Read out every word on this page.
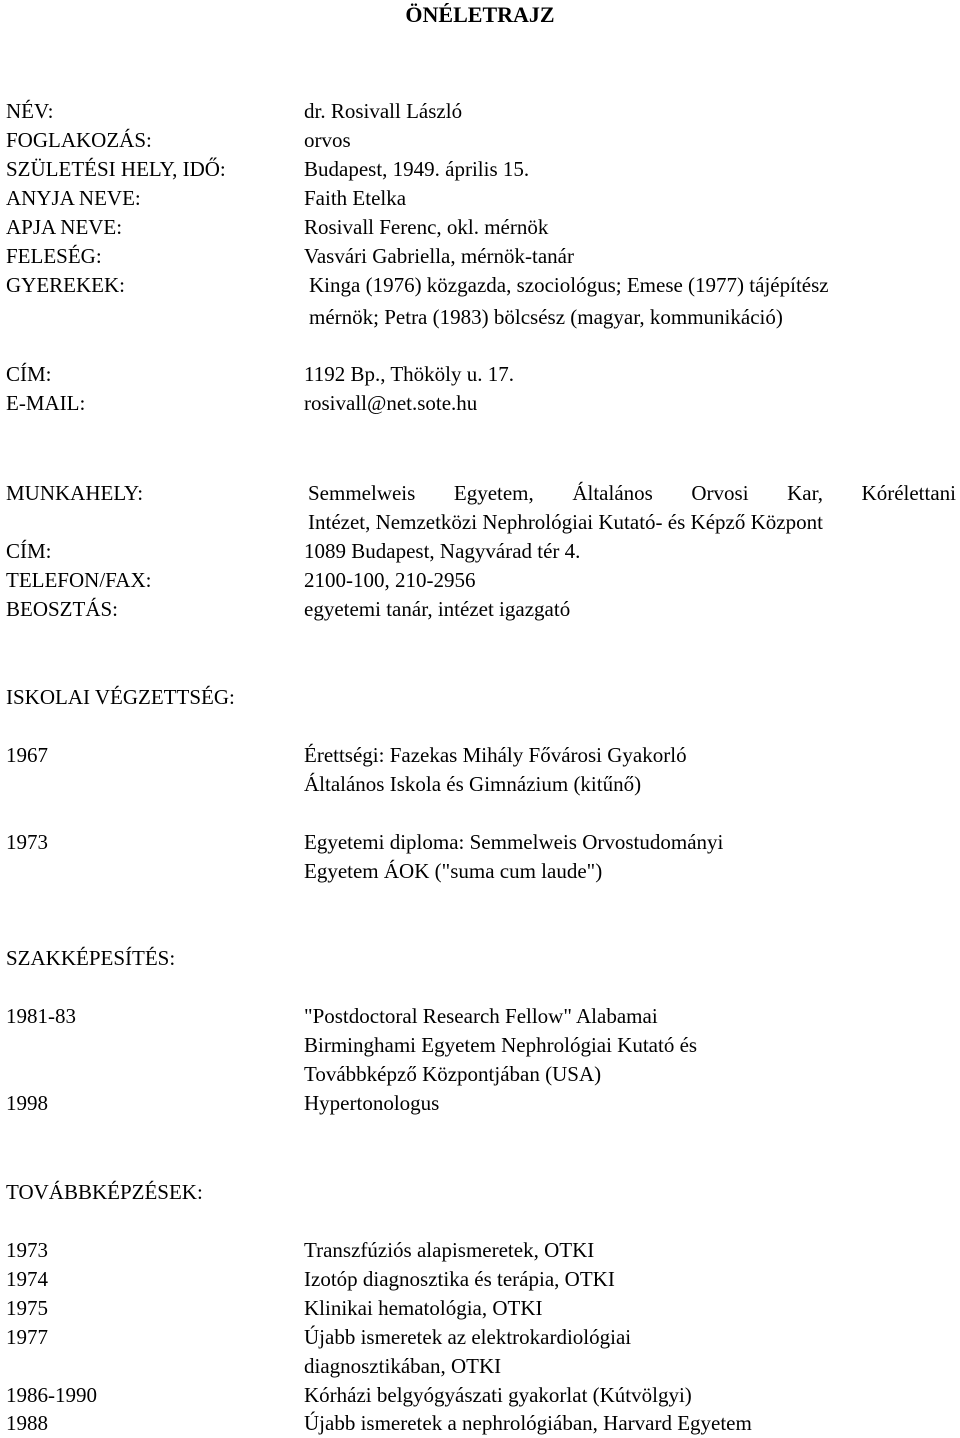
ÖNÉLETRAJZ
NÉV:	dr. Rosivall László
FOGLAKOZÁS:	orvos
SZÜLETÉSI HELY, IDŐ:	Budapest, 1949. április 15.
ANYJA NEVE:	Faith Etelka
APJA NEVE:	Rosivall Ferenc, okl. mérnök
FELESÉG:	Vasvári Gabriella, mérnök-tanár
GYEREKEK:	Kinga (1976) közgazda, szociológus; Emese (1977) tájépítész
mérnök; Petra (1983) bölcsész (magyar, kommunikáció)
CÍM:	1192 Bp., Thököly u. 17.
E-MAIL:	rosivall@net.sote.hu
MUNKAHELY:	Semmelweis Egyetem, Általános Orvosi Kar, Kórélettani
Intézet, Nemzetközi Nephrológiai Kutató- és Képző Központ
CÍM:	1089 Budapest, Nagyvárad tér 4.
TELEFON/FAX:	2100-100, 210-2956
BEOSZTÁS:	egyetemi tanár, intézet igazgató
ISKOLAI VÉGZETTSÉG:
1967	Érettségi: Fazekas Mihály Fővárosi Gyakorló
Általános Iskola és Gimnázium (kitűnő)
1973	Egyetemi diploma: Semmelweis Orvostudományi
Egyetem ÁOK ("suma cum laude")
SZAKKÉPESÍTÉS:
1981-83	"Postdoctoral Research Fellow" Alabamai
Birminghami Egyetem Nephrológiai Kutató és
Továbbképző Központjában (USA)
1998	Hypertonologus
TOVÁBBKÉPZÉSEK:
1973	Transzfúziós alapismeretek, OTKI
1974	Izotóp diagnosztika és terápia, OTKI
1975	Klinikai hematológia, OTKI
1977	Újabb ismeretek az elektrokardiológiai
diagnosztikában, OTKI
1986-1990	Kórházi belgyógyászati gyakorlat (Kútvölgyi)
1988	Újabb ismeretek a nephrológiában, Harvard Egyetem
